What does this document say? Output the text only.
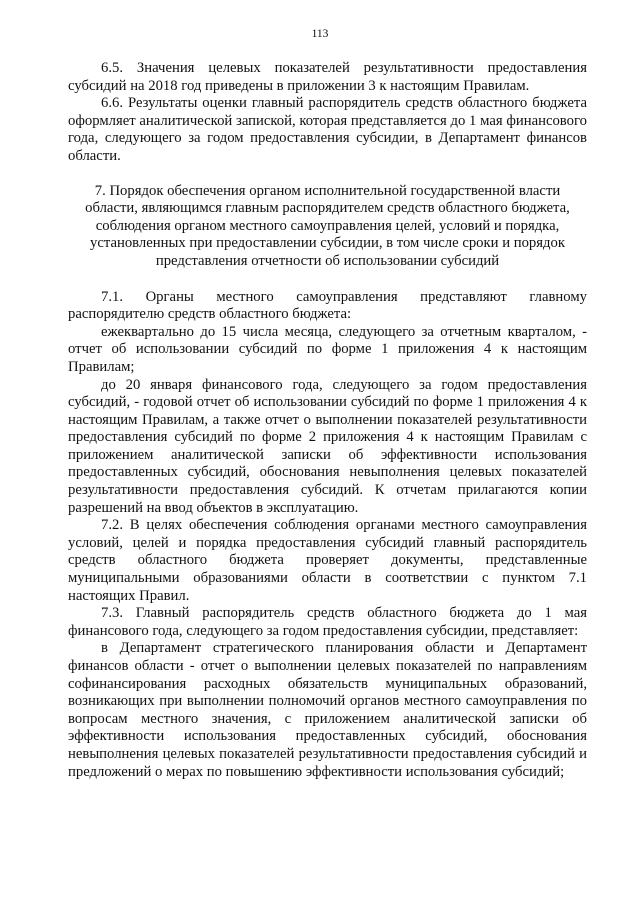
113

6.5. Значения целевых показателей результативности предоставления субсидий на 2018 год приведены в приложении 3 к настоящим Правилам.

6.6. Результаты оценки главный распорядитель средств областного бюджета оформляет аналитической запиской, которая представляется до 1 мая финансового года, следующего за годом предоставления субсидии, в Департамент финансов области.

7. Порядок обеспечения органом исполнительной государственной власти области, являющимся главным распорядителем средств областного бюджета, соблюдения органом местного самоуправления целей, условий и порядка, установленных при предоставлении субсидии, в том числе сроки и порядок представления отчетности об использовании субсидий

7.1. Органы местного самоуправления представляют главному распорядителю средств областного бюджета:

ежеквартально до 15 числа месяца, следующего за отчетным кварталом, - отчет об использовании субсидий по форме 1 приложения 4 к настоящим Правилам;

до 20 января финансового года, следующего за годом предоставления субсидий, - годовой отчет об использовании субсидий по форме 1 приложения 4 к настоящим Правилам, а также отчет о выполнении показателей результативности предоставления субсидий по форме 2 приложения 4 к настоящим Правилам с приложением аналитической записки об эффективности использования предоставленных субсидий, обоснования невыполнения целевых показателей результативности предоставления субсидий. К отчетам прилагаются копии разрешений на ввод объектов в эксплуатацию.

7.2. В целях обеспечения соблюдения органами местного самоуправления условий, целей и порядка предоставления субсидий главный распорядитель средств областного бюджета проверяет документы, представленные муниципальными образованиями области в соответствии с пунктом 7.1 настоящих Правил.

7.3. Главный распорядитель средств областного бюджета до 1 мая финансового года, следующего за годом предоставления субсидии, представляет:

в Департамент стратегического планирования области и Департамент финансов области - отчет о выполнении целевых показателей по направлениям софинансирования расходных обязательств муниципальных образований, возникающих при выполнении полномочий органов местного самоуправления по вопросам местного значения, с приложением аналитической записки об эффективности использования предоставленных субсидий, обоснования невыполнения целевых показателей результативности предоставления субсидий и предложений о мерах по повышению эффективности использования субсидий;
